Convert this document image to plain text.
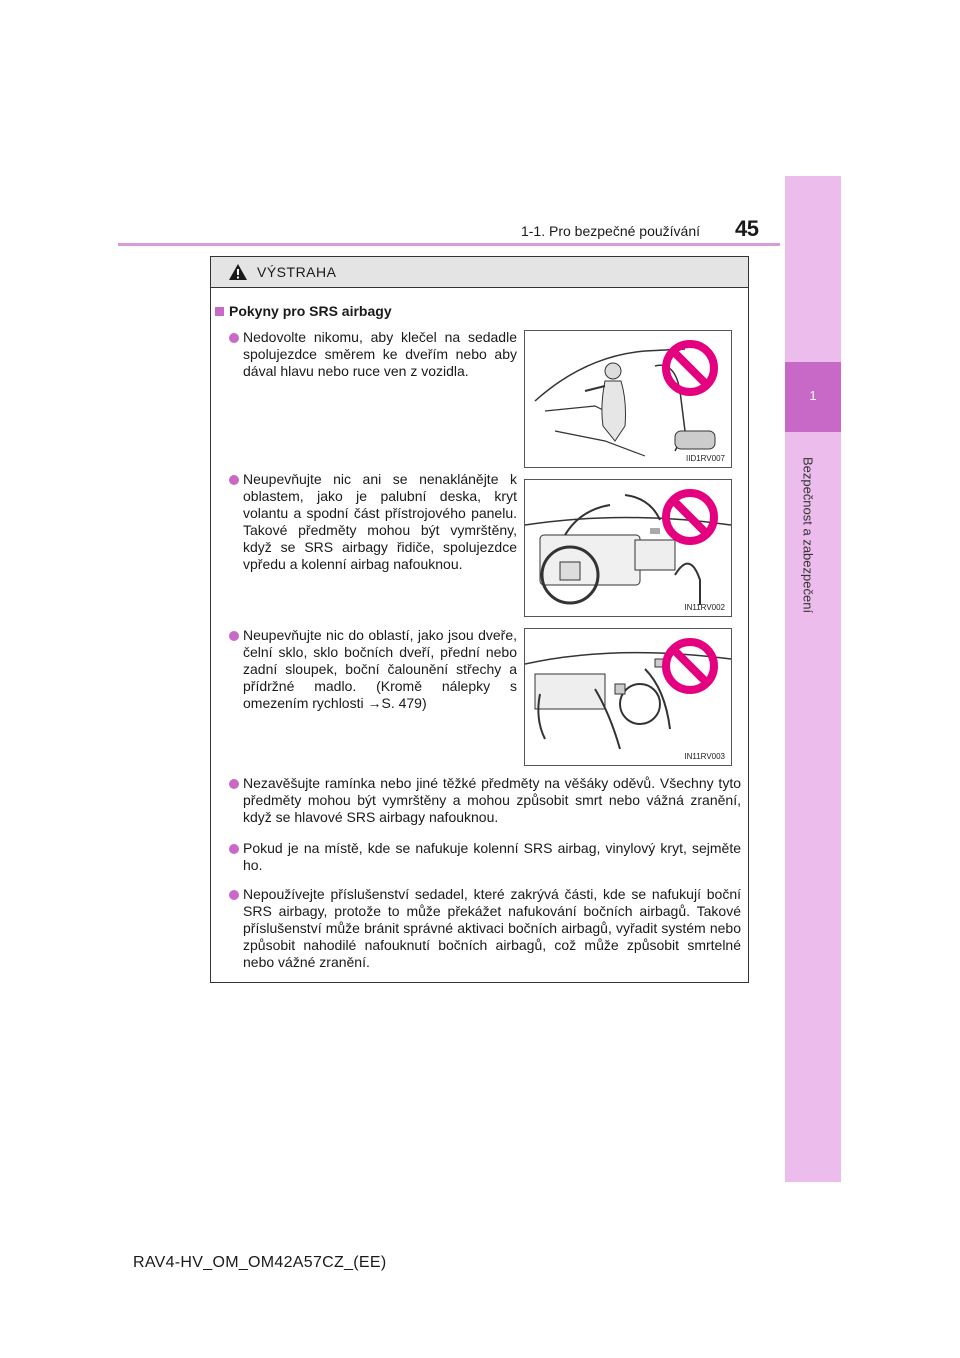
1-1. Pro bezpečné používání 45
1
Bezpečnost a zabezpečení
VÝSTRAHA
Pokyny pro SRS airbagy
Nedovolte nikomu, aby klečel na sedadle spolujezdce směrem ke dveřím nebo aby dával hlavu nebo ruce ven z vozidla.
IID1RV007
Neupevňujte nic ani se nenaklánějte k oblastem, jako je palubní deska, kryt volantu a spodní část přístrojového panelu. Takové předměty mohou být vymrštěny, když se SRS airbagy řidiče, spolujezdce vpředu a kolenní airbag nafouknou.
IN11RV002
Neupevňujte nic do oblastí, jako jsou dveře, čelní sklo, sklo bočních dveří, přední nebo zadní sloupek, boční čalounění střechy a přídržné madlo. (Kromě nálepky s omezením rychlosti →S. 479)
IN11RV003
Nezavěšujte ramínka nebo jiné těžké předměty na věšáky oděvů. Všechny tyto předměty mohou být vymrštěny a mohou způsobit smrt nebo vážná zranění, když se hlavové SRS airbagy nafouknou.
Pokud je na místě, kde se nafukuje kolenní SRS airbag, vinylový kryt, sejměte ho.
Nepoužívejte příslušenství sedadel, které zakrývá části, kde se nafukují boční SRS airbagy, protože to může překážet nafukování bočních airbagů. Takové příslušenství může bránit správné aktivaci bočních airbagů, vyřadit systém nebo způsobit nahodilé nafouknutí bočních airbagů, což může způsobit smrtelné nebo vážné zranění.
RAV4-HV_OM_OM42A57CZ_(EE)
